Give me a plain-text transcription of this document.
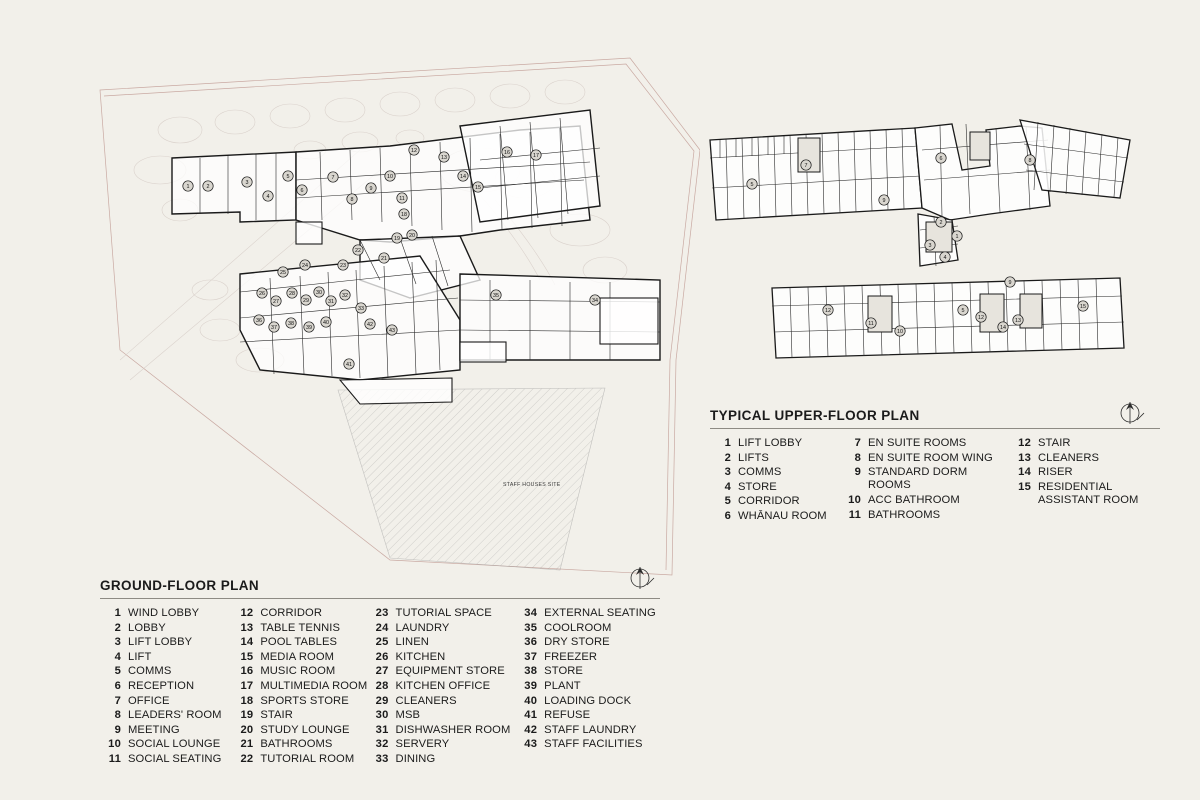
1	2
3
4
5
6
7
8
9
10
11
12
13
14
15
16	17
18
19 20
21
22
23
24
25
26
27
28
29
30
31
32
33
34
35
36
37
38
39
40
41
42
43
STAFF HOUSES SITE
1
2
3
4
5
6
7
8
9
10
11
12
13
14
15
5
9
12
TYPICAL UPPER-FLOOR PLAN
1 LIFT LOBBY
2 LIFTS
3 COMMS
4 STORE
5 CORRIDOR
6 WHĀNAU ROOM
7 EN SUITE ROOMS
8 EN SUITE ROOM WING
9 STANDARD DORM ROOMS
10 ACC BATHROOM
11 BATHROOMS
12 STAIR
13 CLEANERS
14 RISER
15 RESIDENTIAL ASSISTANT ROOM
GROUND-FLOOR PLAN
1 WIND LOBBY
2 LOBBY
3 LIFT LOBBY
4 LIFT
5 COMMS
6 RECEPTION
7 OFFICE
8 LEADERS' ROOM
9 MEETING
10 SOCIAL LOUNGE
11 SOCIAL SEATING
12 CORRIDOR
13 TABLE TENNIS
14 POOL TABLES
15 MEDIA ROOM
16 MUSIC ROOM
17 MULTIMEDIA ROOM
18 SPORTS STORE
19 STAIR
20 STUDY LOUNGE
21 BATHROOMS
22 TUTORIAL ROOM
23 TUTORIAL SPACE
24 LAUNDRY
25 LINEN
26 KITCHEN
27 EQUIPMENT STORE
28 KITCHEN OFFICE
29 CLEANERS
30 MSB
31 DISHWASHER ROOM
32 SERVERY
33 DINING
34 EXTERNAL SEATING
35 COOLROOM
36 DRY STORE
37 FREEZER
38 STORE
39 PLANT
40 LOADING DOCK
41 REFUSE
42 STAFF LAUNDRY
43 STAFF FACILITIES
